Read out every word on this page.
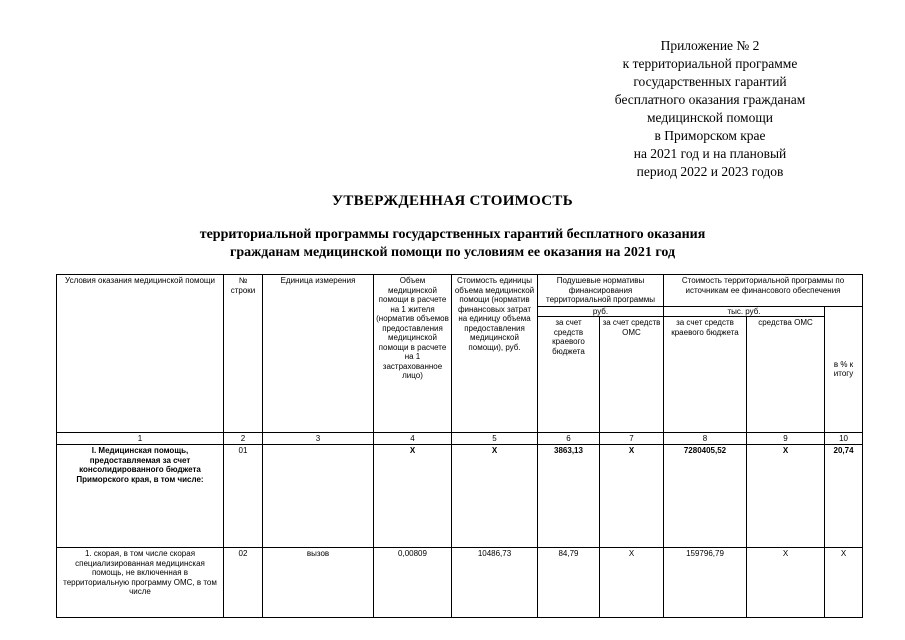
Приложение № 2
к территориальной программе
государственных гарантий
бесплатного оказания гражданам
медицинской помощи
в Приморском крае
на 2021 год и на плановый
период 2022 и 2023 годов
УТВЕРЖДЕННАЯ СТОИМОСТЬ
территориальной программы государственных гарантий бесплатного оказания
гражданам медицинской помощи по условиям ее оказания на 2021 год
Условия оказания медицинской помощи	№ строки	Единица измерения	Объем медицинской помощи в расчете на 1 жителя (норматив объемов предоставления медицинской помощи в расчете на 1 застрахованное лицо)	Стоимость единицы объема медицинской помощи (норматив финансовых затрат на единицу объема предоставления медицинской помощи), руб.	Подушевые нормативы финансирования территориальной программы		Стоимость территориальной программы по источникам ее финансового обеспечения		
					руб.		тыс. руб.		в % к итогу
					за счет средств краевого бюджета	за счет средств ОМС	за счет средств краевого бюджета	средства ОМС	
1	2	3	4	5	6	7	8	9	10
I. Медицинская помощь, предоставляемая за счет консолидированного бюджета Приморского края, в том числе:	01		X	X	3863,13	X	7280405,52	X	20,74
1. скорая, в том числе скорая специализированная медицинская помощь, не включенная в территориальную программу ОМС, в том числе	02	вызов	0,00809	10486,73	84,79	X	159796,79	X	X
